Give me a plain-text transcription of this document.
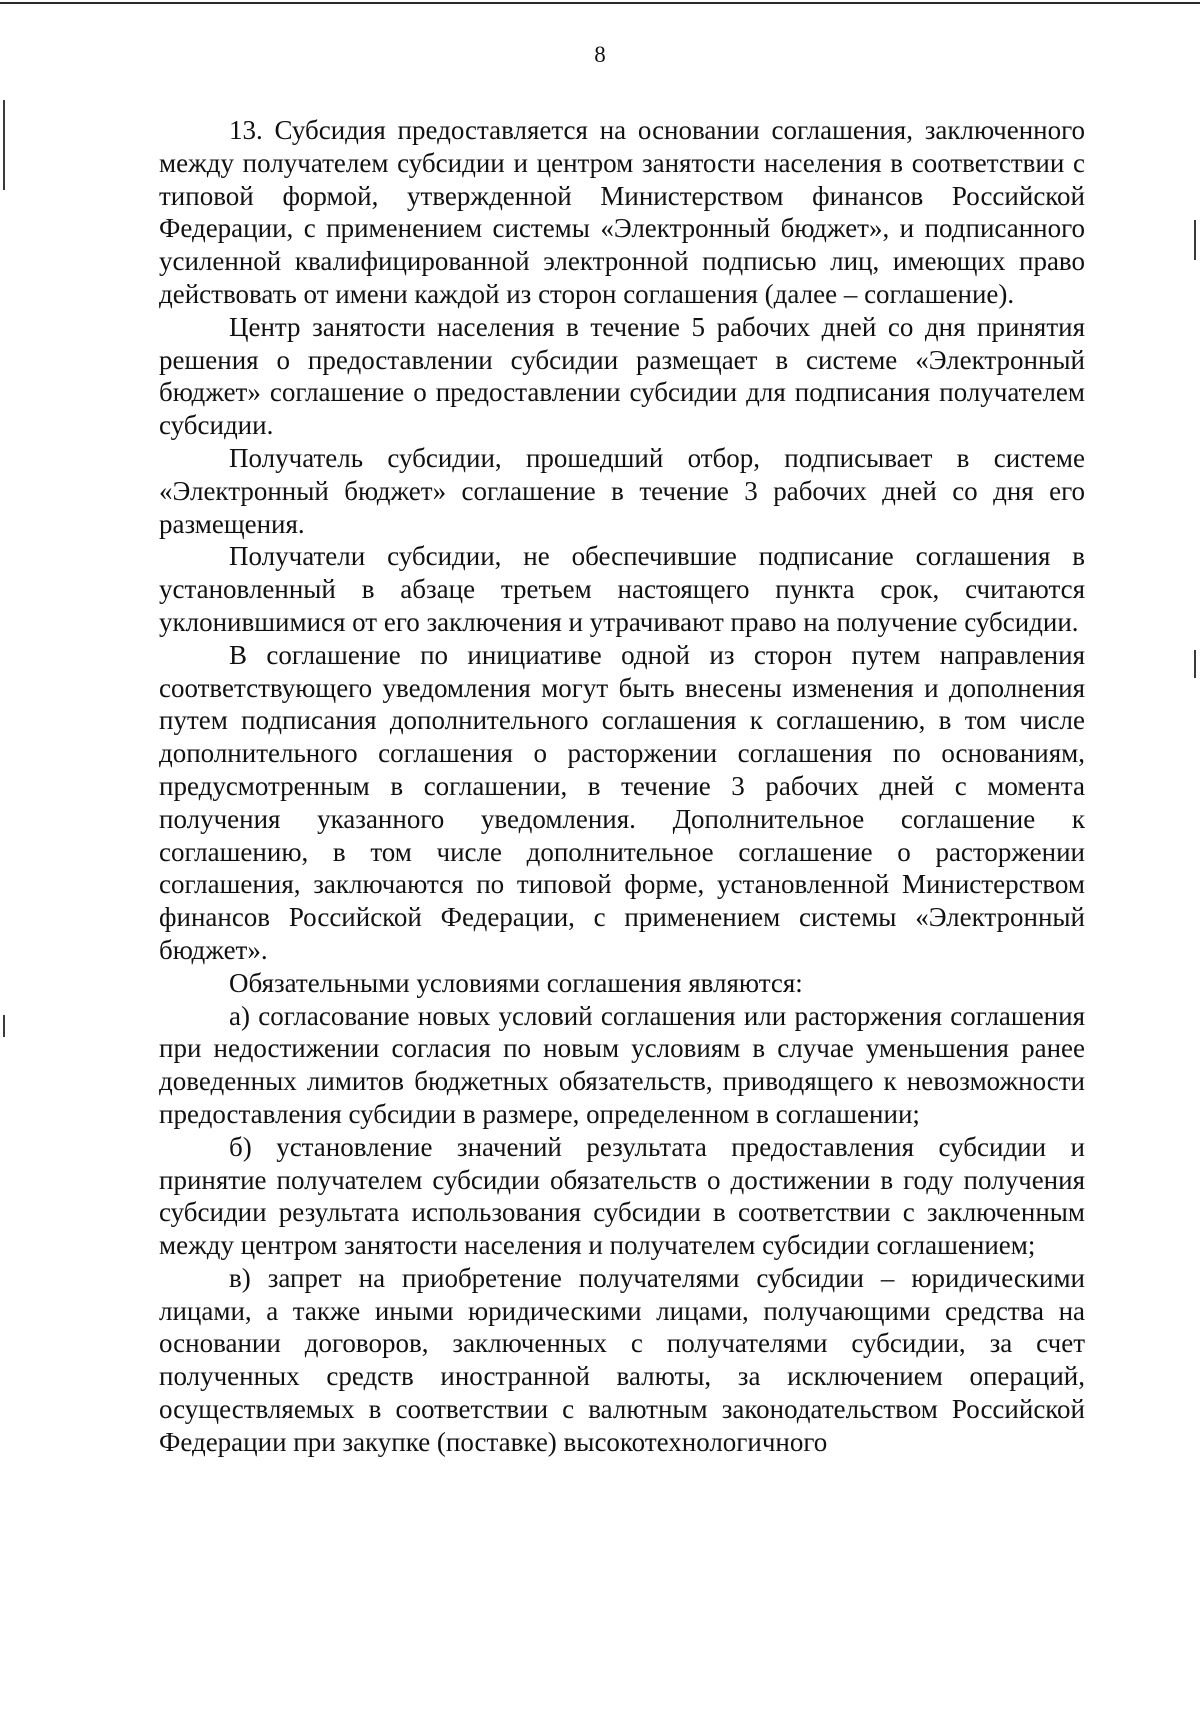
8

13. Субсидия предоставляется на основании соглашения, заключенного между получателем субсидии и центром занятости населения в соответствии с типовой формой, утвержденной Министерством финансов Российской Федерации, с применением системы «Электронный бюджет», и подписанного усиленной квалифицированной электронной подписью лиц, имеющих право действовать от имени каждой из сторон соглашения (далее – соглашение).

Центр занятости населения в течение 5 рабочих дней со дня принятия решения о предоставлении субсидии размещает в системе «Электронный бюджет» соглашение о предоставлении субсидии для подписания получателем субсидии.

Получатель субсидии, прошедший отбор, подписывает в системе «Электронный бюджет» соглашение в течение 3 рабочих дней со дня его размещения.

Получатели субсидии, не обеспечившие подписание соглашения в установленный в абзаце третьем настоящего пункта срок, считаются уклонившимися от его заключения и утрачивают право на получение субсидии.

В соглашение по инициативе одной из сторон путем направления соответствующего уведомления могут быть внесены изменения и дополнения путем подписания дополнительного соглашения к соглашению, в том числе дополнительного соглашения о расторжении соглашения по основаниям, предусмотренным в соглашении, в течение 3 рабочих дней с момента получения указанного уведомления. Дополнительное соглашение к соглашению, в том числе дополнительное соглашение о расторжении соглашения, заключаются по типовой форме, установленной Министерством финансов Российской Федерации, с применением системы «Электронный бюджет».

Обязательными условиями соглашения являются:

а) согласование новых условий соглашения или расторжения соглашения при недостижении согласия по новым условиям в случае уменьшения ранее доведенных лимитов бюджетных обязательств, приводящего к невозможности предоставления субсидии в размере, определенном в соглашении;

б) установление значений результата предоставления субсидии и принятие получателем субсидии обязательств о достижении в году получения субсидии результата использования субсидии в соответствии с заключенным между центром занятости населения и получателем субсидии соглашением;

в) запрет на приобретение получателями субсидии – юридическими лицами, а также иными юридическими лицами, получающими средства на основании договоров, заключенных с получателями субсидии, за счет полученных средств иностранной валюты, за исключением операций, осуществляемых в соответствии с валютным законодательством Российской Федерации при закупке (поставке) высокотехнологичного
